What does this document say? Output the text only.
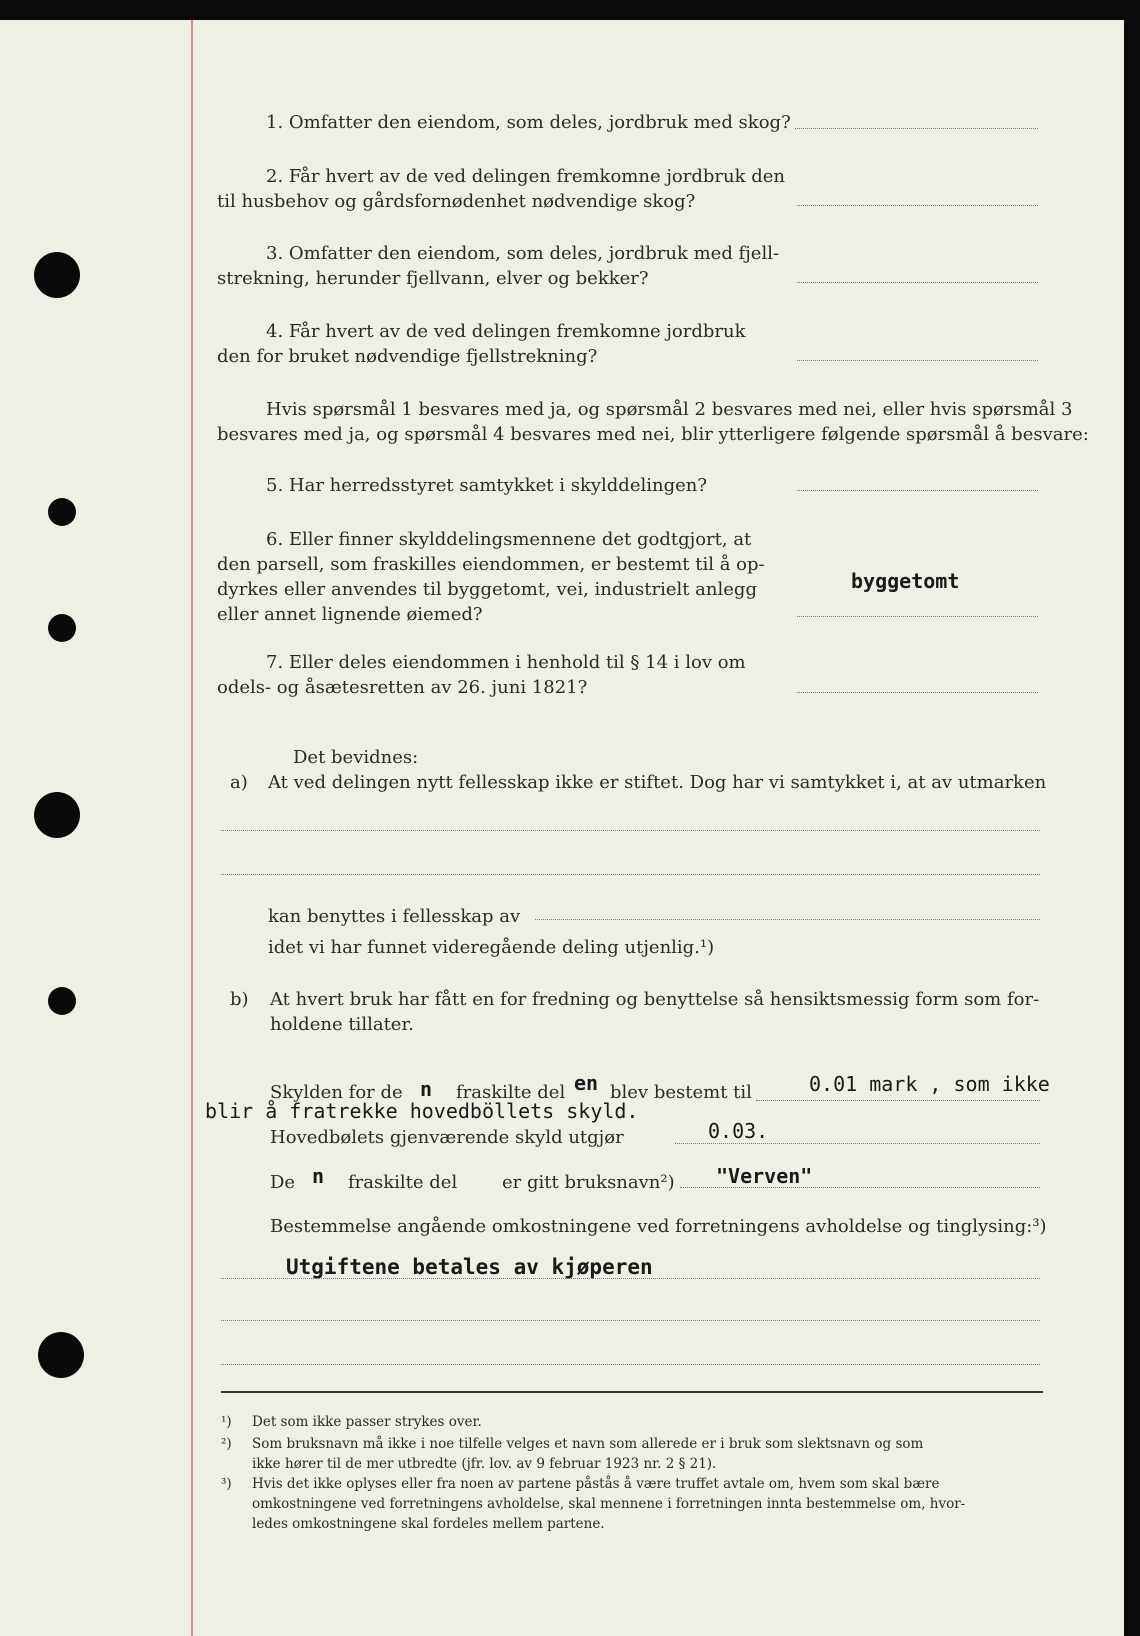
1. Omfatter den eiendom, som deles, jordbruk med skog?
2. Får hvert av de ved delingen fremkomne jordbruk den
til husbehov og gårdsfornødenhet nødvendige skog?
3. Omfatter den eiendom, som deles, jordbruk med fjell-
strekning, herunder fjellvann, elver og bekker?
4. Får hvert av de ved delingen fremkomne jordbruk
den for bruket nødvendige fjellstrekning?
Hvis spørsmål 1 besvares med ja, og spørsmål 2 besvares med nei, eller hvis spørsmål 3
besvares med ja, og spørsmål 4 besvares med nei, blir ytterligere følgende spørsmål å besvare:
5. Har herredsstyret samtykket i skylddelingen?
6. Eller finner skylddelingsmennene det godtgjort, at
den parsell, som fraskilles eiendommen, er bestemt til å op-
dyrkes eller anvendes til byggetomt, vei, industrielt anlegg
eller annet lignende øiemed?
byggetomt
7. Eller deles eiendommen i henhold til § 14 i lov om
odels- og åsætesretten av 26. juni 1821?
Det bevidnes:
a) At ved delingen nytt fellesskap ikke er stiftet. Dog har vi samtykket i, at av utmarken
kan benyttes i fellesskap av
idet vi har funnet videregående deling utjenlig.¹)
b) At hvert bruk har fått en for fredning og benyttelse så hensiktsmessig form som for-
holdene tillater.
Skylden for de n fraskilte del en blev bestemt til	0.01 mark , som ikke
blir å fratrekke hovedböllets skyld.
Hovedbølets gjenværende skyld utgjør	0.03.
De n fraskilte del er gitt bruksnavn²) "Verven"
Bestemmelse angående omkostningene ved forretningens avholdelse og tinglysing:³)
Utgiftene betales av kjøperen
¹) Det som ikke passer strykes over.
²) Som bruksnavn må ikke i noe tilfelle velges et navn som allerede er i bruk som slektsnavn og som
ikke hører til de mer utbredte (jfr. lov. av 9 februar 1923 nr. 2 § 21).
³) Hvis det ikke oplyses eller fra noen av partene påstås å være truffet avtale om, hvem som skal bære
omkostningene ved forretningens avholdelse, skal mennene i forretningen innta bestemmelse om, hvor-
ledes omkostningene skal fordeles mellem partene.
